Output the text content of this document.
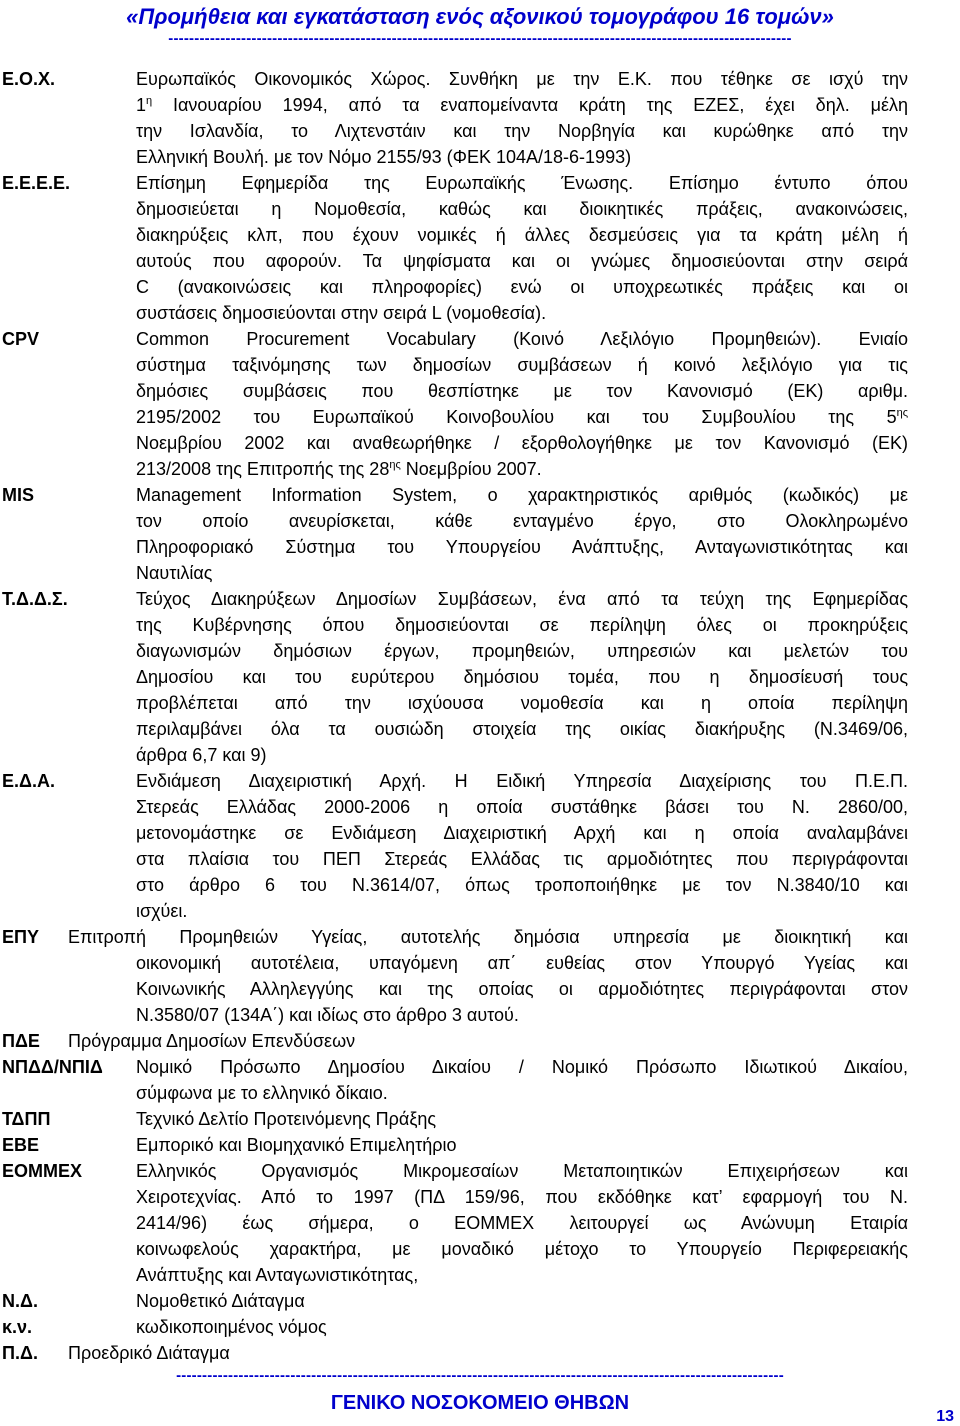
«Προμήθεια και εγκατάσταση ενός αξονικού τομογράφου 16 τομών»
------------------------------------------------------------------------------------------------------------------------
Ε.Ο.Χ.	Ευρωπαϊκός Οικονομικός Χώρος. Συνθήκη με την Ε.Κ. που τέθηκε σε ισχύ την
$1^\eta$ Ιανουαρίου 1994, από τα εναπομείναντα κράτη της ΕΖΕΣ, έχει δηλ. μέλη
την Ισλανδία, το Λιχτενστάιν και την Νορβηγία και κυρώθηκε από την
Ελληνική Βουλή. με τον Νόμο 2155/93 (ΦΕΚ 104Α/18-6-1993)
Ε.Ε.Ε.Ε.	Επίσημη Εφημερίδα της Ευρωπαϊκής Ένωσης. Επίσημο έντυπο όπου
δημοσιεύεται η Νομοθεσία, καθώς και διοικητικές πράξεις, ανακοινώσεις,
διακηρύξεις κλπ, που έχουν νομικές ή άλλες δεσμεύσεις για τα κράτη μέλη ή
αυτούς που αφορούν. Τα ψηφίσματα και οι γνώμες δημοσιεύονται στην σειρά
C (ανακοινώσεις και πληροφορίες) ενώ οι υποχρεωτικές πράξεις και οι
συστάσεις δημοσιεύονται στην σειρά L (νομοθεσία).
CPV	Common Procurement Vocabulary (Κοινό Λεξιλόγιο Προμηθειών). Ενιαίο
σύστημα ταξινόμησης των δημοσίων συμβάσεων ή κοινό λεξιλόγιο για τις
δημόσιες συμβάσεις που θεσπίστηκε με τον Κανονισμό (ΕΚ) αριθμ.
2195/2002 του Ευρωπαϊκού Κοινοβουλίου και του Συμβουλίου της $5^{\eta\varsigma}$
Νοεμβρίου 2002 και αναθεωρήθηκε / εξορθολογήθηκε με τον Κανονισμό (ΕΚ)
213/2008 της Επιτροπής της $28^{\eta\varsigma}$ Νοεμβρίου 2007.
MIS	Management Information System, ο χαρακτηριστικός αριθμός (κωδικός) με
τον οποίο ανευρίσκεται, κάθε ενταγμένο έργο, στο Ολοκληρωμένο
Πληροφοριακό Σύστημα του Υπουργείου Ανάπτυξης, Ανταγωνιστικότητας και
Ναυτιλίας
Τ.Δ.Δ.Σ.	Τεύχος Διακηρύξεων Δημοσίων Συμβάσεων, ένα από τα τεύχη της Εφημερίδας
της Κυβέρνησης όπου δημοσιεύονται σε περίληψη όλες οι προκηρύξεις
διαγωνισμών δημόσιων έργων, προμηθειών, υπηρεσιών και μελετών του
Δημοσίου και του ευρύτερου δημόσιου τομέα, που η δημοσίευσή τους
προβλέπεται από την ισχύουσα νομοθεσία και η οποία περίληψη
περιλαμβάνει όλα τα ουσιώδη στοιχεία της οικίας διακήρυξης (Ν.3469/06,
άρθρα 6,7 και 9)
Ε.Δ.Α.	Ενδιάμεση Διαχειριστική Αρχή. Η Ειδική Υπηρεσία Διαχείρισης του Π.Ε.Π.
Στερεάς Ελλάδας 2000-2006 η οποία συστάθηκε βάσει του Ν. 2860/00,
μετονομάστηκε σε Ενδιάμεση Διαχειριστική Αρχή και η οποία αναλαμβάνει
στα πλαίσια του ΠΕΠ Στερεάς Ελλάδας τις αρμοδιότητες που περιγράφονται
στο άρθρο 6 του Ν.3614/07, όπως τροποποιήθηκε με τον Ν.3840/10 και
ισχύει.
ΕΠΥ Επιτροπή Προμηθειών Υγείας, αυτοτελής δημόσια υπηρεσία με διοικητική και
οικονομική αυτοτέλεια, υπαγόμενη απ΄ ευθείας στον Υπουργό Υγείας και
Κοινωνικής Αλληλεγγύης και της οποίας οι αρμοδιότητες περιγράφονται στον
Ν.3580/07 (134Α΄) και ιδίως στο άρθρο 3 αυτού.
ΠΔΕ Πρόγραμμα Δημοσίων Επενδύσεων
ΝΠΔΔ/ΝΠΙΔ Νομικό Πρόσωπο Δημοσίου Δικαίου / Νομικό Πρόσωπο Ιδιωτικού Δικαίου,
σύμφωνα με το ελληνικό δίκαιο.
ΤΔΠΠ	Τεχνικό Δελτίο Προτεινόμενης Πράξης
ΕΒΕ	Εμπορικό και Βιομηχανικό Επιμελητήριο
ΕΟΜΜΕΧ	Ελληνικός Οργανισμός Μικρομεσαίων Μεταποιητικών Επιχειρήσεων και
Χειροτεχνίας. Από το 1997 (ΠΔ 159/96, που εκδόθηκε κατ’ εφαρμογή του Ν.
2414/96) έως σήμερα, ο ΕΟΜΜΕΧ λειτουργεί ως Ανώνυμη Εταιρία
κοινωφελούς χαρακτήρα, με μοναδικό μέτοχο το Υπουργείο Περιφερειακής
Ανάπτυξης και Ανταγωνιστικότητας,
Ν.Δ.	Νομοθετικό Διάταγμα
κ.ν.	κωδικοποιημένος νόμος
Π.Δ. Προεδρικό Διάταγμα
---------------------------------------------------------------------------------------------------------------------
ΓΕΝΙΚΟ ΝΟΣΟΚΟΜΕΙΟ ΘΗΒΩΝ
13
